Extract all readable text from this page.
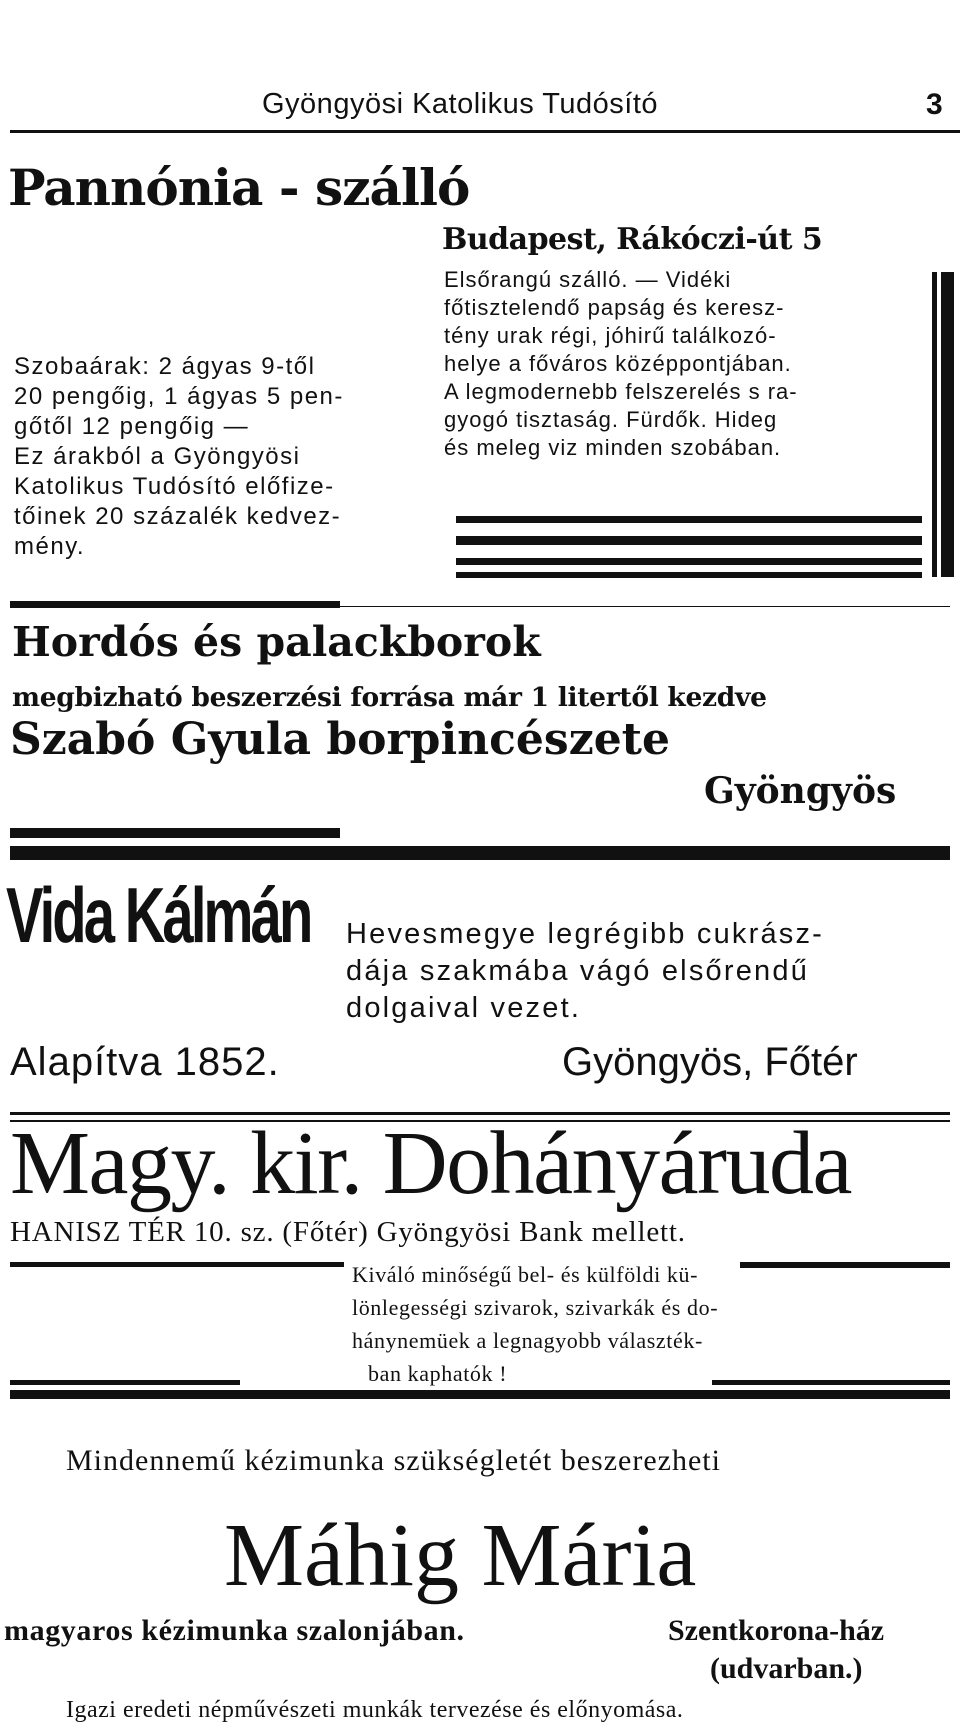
Gyöngyösi Katolikus Tudósító	3
Pannónia - szálló
Budapest, Rákóczi-út 5
Szobaárak: 2 ágyas 9-től
20 pengőig, 1 ágyas 5 pen-
gőtől 12 pengőig —
Ez árakból a Gyöngyösi
Katolikus Tudósító előfize-
tőinek 20 százalék kedvez-
mény.
Elsőrangú szálló. — Vidéki
főtisztelendő papság és keresz-
tény urak régi, jóhirű találkozó-
helye a főváros középpontjában.
A legmodernebb felszerelés s ra-
gyogó tisztaság. Fürdők. Hideg
és meleg viz minden szobában.
Hordós és palackborok
megbizható beszerzési forrása már 1 litertől kezdve
Szabó Gyula borpincészete
Gyöngyös
Vida Kálmán Hevesmegye legrégibb cukrász-
dája szakmába vágó elsőrendű
dolgaival vezet.
Alapítva 1852.	Gyöngyös, Főtér
Magy. kir. Dohányáruda
HANISZ TÉR 10. sz. (Főtér) Gyöngyösi Bank mellett.
Kiváló minőségű bel- és külföldi kü-
lönlegességi szivarok, szivarkák és do-
hánynemüek a legnagyobb választék-
ban kaphatók !
Mindennemű kézimunka szükségletét beszerezheti
Máhig Mária
magyaros kézimunka szalonjában.	Szentkorona-ház
(udvarban.)
Igazi eredeti népművészeti munkák tervezése és előnyomása.
